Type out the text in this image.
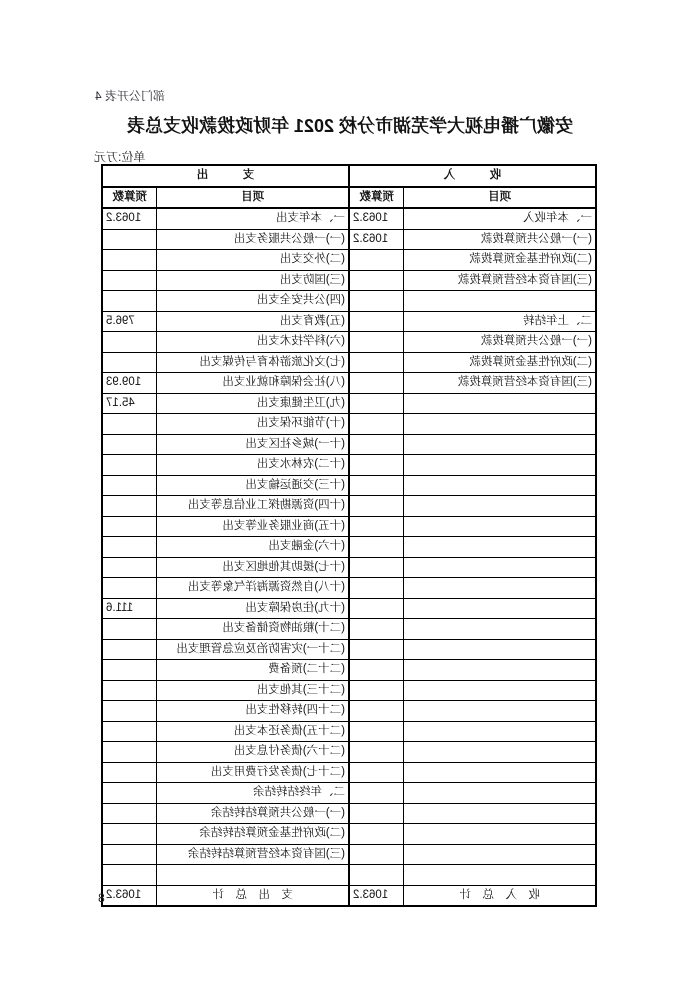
部门公开表 4
安徽广播电视大学芜湖市分校 2021 年财政拨款收支总表
单位:万元
收　　　入		支　　　出	
项目	预算数	项目	预算数
一、本年收入	1063.2	一、本年支出	1063.2
(一)一般公共预算拨款	1063.2	(一)一般公共服务支出	
(二)政府性基金预算拨款		(二)外交支出	
(三)国有资本经营预算拨款		(三)国防支出	
		(四)公共安全支出	
二、上年结转		(五)教育支出	796.5
(一)一般公共预算拨款		(六)科学技术支出	
(二)政府性基金预算拨款		(七)文化旅游体育与传媒支出	
(三)国有资本经营预算拨款		(八)社会保障和就业支出	109.93
		(九)卫生健康支出	45.17
		(十)节能环保支出	
		(十一)城乡社区支出	
		(十二)农林水支出	
		(十三)交通运输支出	
		(十四)资源勘探工业信息等支出	
		(十五)商业服务业等支出	
		(十六)金融支出	
		(十七)援助其他地区支出	
		(十八)自然资源海洋气象等支出	
		(十九)住房保障支出	111.6
		(二十)粮油物资储备支出	
		(二十一)灾害防治及应急管理支出	
		(二十二)预备费	
		(二十三)其他支出	
		(二十四)转移性支出	
		(二十五)债务还本支出	
		(二十六)债务付息支出	
		(二十七)债务发行费用支出	
		二、年终结转结余	
		(一)一般公共预算结转结余	
		(二)政府性基金预算结转结余	
		(三)国有资本经营预算结转结余	

收　入　总　计	1063.2	支　出　总　计	1063.2
8
